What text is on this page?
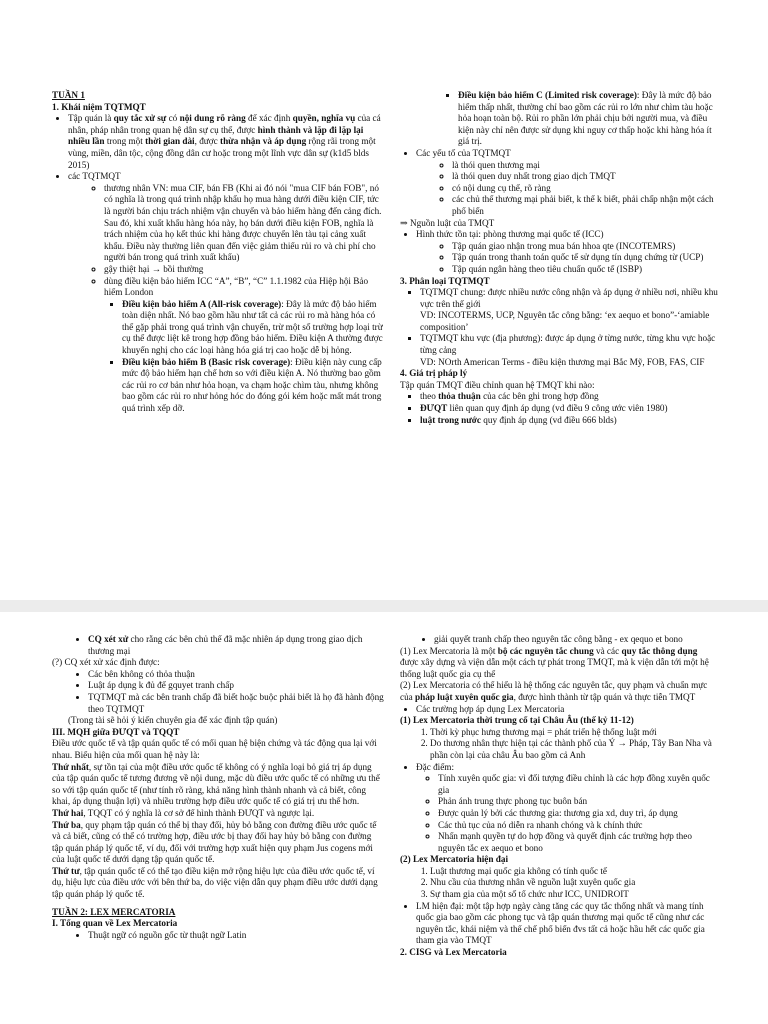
TUẦN 1

1. Khái niệm TQTMQT

• Tập quán là quy tắc xử sự có nội dung rõ ràng để xác định quyền, nghĩa vụ của cá nhân, pháp nhân trong quan hệ dân sự cụ thể, được hình thành và lặp đi lặp lại nhiều lần trong một thời gian dài, được thừa nhận và áp dụng rộng rãi trong một vùng, miền, dân tộc, cộng đồng dân cư hoặc trong một lĩnh vực dân sự (k1d5 blds 2015)
• các TQTMQT
◦ thương nhân VN: mua CIF, bán FB (Khi ai đó nói "mua CIF bán FOB", nó có nghĩa là trong quá trình nhập khẩu họ mua hàng dưới điều kiện CIF, tức là người bán chịu trách nhiệm vận chuyển và bảo hiểm hàng đến cảng đích. Sau đó, khi xuất khẩu hàng hóa này, họ bán dưới điều kiện FOB, nghĩa là trách nhiệm của họ kết thúc khi hàng được chuyển lên tàu tại cảng xuất khẩu. Điều này thường liên quan đến việc giảm thiểu rủi ro và chi phí cho người bán trong quá trình xuất khẩu)
◦ gậy thiệt hại → bồi thường
◦ dùng điều kiện bảo hiểm ICC “A”, “B”, “C” 1.1.1982 của Hiệp hội Bảo hiểm London
▪ Điều kiện bảo hiểm A (All-risk coverage): Đây là mức độ bảo hiểm toàn diện nhất. Nó bao gồm hầu như tất cả các rủi ro mà hàng hóa có thể gặp phải trong quá trình vận chuyển, trừ một số trường hợp loại trừ cụ thể được liệt kê trong hợp đồng bảo hiểm. Điều kiện A thường được khuyến nghị cho các loại hàng hóa giá trị cao hoặc dễ bị hỏng.
▪ Điều kiện bảo hiểm B (Basic risk coverage): Điều kiện này cung cấp mức độ bảo hiểm hạn chế hơn so với điều kiện A. Nó thường bao gồm các rủi ro cơ bản như hỏa hoạn, va chạm hoặc chìm tàu, nhưng không bao gồm các rủi ro như hỏng hóc do đóng gói kém hoặc mất mát trong quá trình xếp dỡ.
▪ Điều kiện bảo hiểm C (Limited risk coverage): Đây là mức độ bảo hiểm thấp nhất, thường chỉ bao gồm các rủi ro lớn như chìm tàu hoặc hỏa hoạn toàn bộ. Rủi ro phần lớn phải chịu bởi người mua, và điều kiện này chỉ nên được sử dụng khi nguy cơ thấp hoặc khi hàng hóa ít giá trị.
• Các yếu tố của TQTMQT
◦ là thói quen thương mại
◦ là thói quen duy nhất trong giao dịch TMQT
◦ có nội dung cụ thể, rõ ràng
◦ các chủ thể thương mại phải biết, k thể k biết, phải chấp nhận một cách phổ biến

⇒ Nguồn luật của TMQT

• Hình thức tồn tại: phòng thương mại quốc tế (ICC)
◦ Tập quán giao nhận trong mua bán hhoa qte (INCOTEMRS)
◦ Tập quán trong thanh toán quốc tế sử dụng tín dụng chứng từ (UCP)
◦ Tập quán ngân hàng theo tiêu chuẩn quốc tế (ISBP)

3. Phân loại TQTMQT

▪ TQTMQT chung: được nhiều nước công nhận và áp dụng ở nhiều nơi, nhiều khu vực trên thế giới
VD: INCOTERMS, UCP, Nguyên tắc công bằng: ‘ex aequo et bono”-‘amiable composition’
▪ TQTMQT khu vực (địa phương): được áp dụng ở từng nước, từng khu vực hoặc từng cảng
VD: NOrth American Terms - điều kiện thương mại Bắc Mỹ, FOB, FAS, CIF

4. Giá trị pháp lý

Tập quán TMQT điều chỉnh quan hệ TMQT khi nào:

▪ theo thỏa thuận của các bên ghi trong hợp đồng
▪ ĐƯQT liên quan quy định áp dụng (vd điều 9 công ước viên 1980)
▪ luật trong nước quy định áp dụng (vd điều 666 blds)
• CQ xét xử cho rằng các bên chủ thể đã mặc nhiên áp dụng trong giao dịch thương mại

(?) CQ xét xử xác định được:

• Các bên không có thỏa thuận
• Luật áp dụng k đủ để gquyet tranh chấp
• TQTMQT mà các bên tranh chấp đã biết hoặc buộc phải biết là họ đã hành động theo TQTMQT

(Trong tài sẽ hỏi ý kiến chuyên gia để xác định tập quán)

III. MQH giữa ĐƯQT và TQQT

Điều ước quốc tế và tập quán quốc tế có mối quan hệ biện chứng và tác động qua lại với nhau. Biểu hiện của mối quan hệ này là:

Thứ nhất, sự tồn tại của một điều ước quốc tế không có ý nghĩa loại bỏ giá trị áp dụng của tập quán quốc tế tương đương về nội dung, mặc dù điều ước quốc tế có những ưu thế so với tập quán quốc tế (như tính rõ ràng, khả năng hình thành nhanh và cả biết, công khai, áp dụng thuận lợi) và nhiều trường hợp điều ước quốc tế có giá trị ưu thế hơn.

Thứ hai, TQQT có ý nghĩa là cơ sở để hình thành ĐƯQT và ngược lại.

Thứ ba, quy phạm tập quán có thể bị thay đổi, hủy bỏ bằng con đường điều ước quốc tế và cả biết, cũng có thể có trường hợp, điều ước bị thay đổi hay hủy bỏ bằng con đường tập quán pháp lý quốc tế, ví dụ, đối với trường hợp xuất hiện quy phạm Jus cogens mới của luật quốc tế dưới dạng tập quán quốc tế.

Thứ tư, tập quán quốc tế có thể tạo điều kiện mở rộng hiệu lực của điều ước quốc tế, ví dụ, hiệu lực của điều ước với bên thứ ba, do việc viện dẫn quy phạm điều ước dưới dạng tập quán pháp lý quốc tế.

TUẦN 2: LEX MERCATORIA

I. Tổng quan về Lex Mercatoria

• Thuật ngữ có nguồn gốc từ thuật ngữ Latin
• giải quyết tranh chấp theo nguyên tắc công bằng - ex qequo et bono

(1) Lex Mercatoria là một bộ các nguyên tắc chung và các quy tắc thông dụng được xây dựng và viện dẫn một cách tự phát trong TMQT, mà k viện dẫn tới một hệ thống luật quốc gia cụ thể

(2) Lex Mercatoria có thể hiểu là hệ thống các nguyên tắc, quy phạm và chuẩn mực của pháp luật xuyên quốc gia, được hình thành từ tập quán và thực tiễn TMQT

• Các trường hợp áp dụng Lex Mercatoria

(1) Lex Mercatoria thời trung cổ tại Châu Âu (thế kỷ 11-12)

1. Thời kỳ phục hưng thương mại = phát triển hệ thống luật mới
2. Do thương nhân thực hiện tại các thành phố của Ý → Pháp, Tây Ban Nha và phần còn lại của châu Âu bao gồm cả Anh
• Đặc điểm:
◦ Tính xuyên quốc gia: vì đối tượng điều chỉnh là các hợp đồng xuyên quốc gia
◦ Phản ánh trung thực phong tục buôn bán
◦ Được quản lý bởi các thương gia: thương gia xd, duy trì, áp dụng
◦ Các thủ tục của nó diễn ra nhanh chóng và k chính thức
◦ Nhấn mạnh quyền tự do hợp đồng và quyết định các trường hợp theo nguyên tắc ex aequo et bono

(2) Lex Mercatoria hiện đại

1. Luật thương mại quốc gia không có tính quốc tế
2. Nhu cầu của thương nhân về nguồn luật xuyên quốc gia
3. Sự tham gia của một số tổ chức như ICC, UNIDROIT
• LM hiện đại: một tập hợp ngày càng tăng các quy tắc thống nhất và mang tính quốc gia bao gồm các phong tục và tập quán thương mại quốc tế cũng như các nguyên tắc, khái niệm và thể chế phổ biến đvs tất cả hoặc hầu hết các quốc gia tham gia vào TMQT

2. CISG và Lex Mercatoria
